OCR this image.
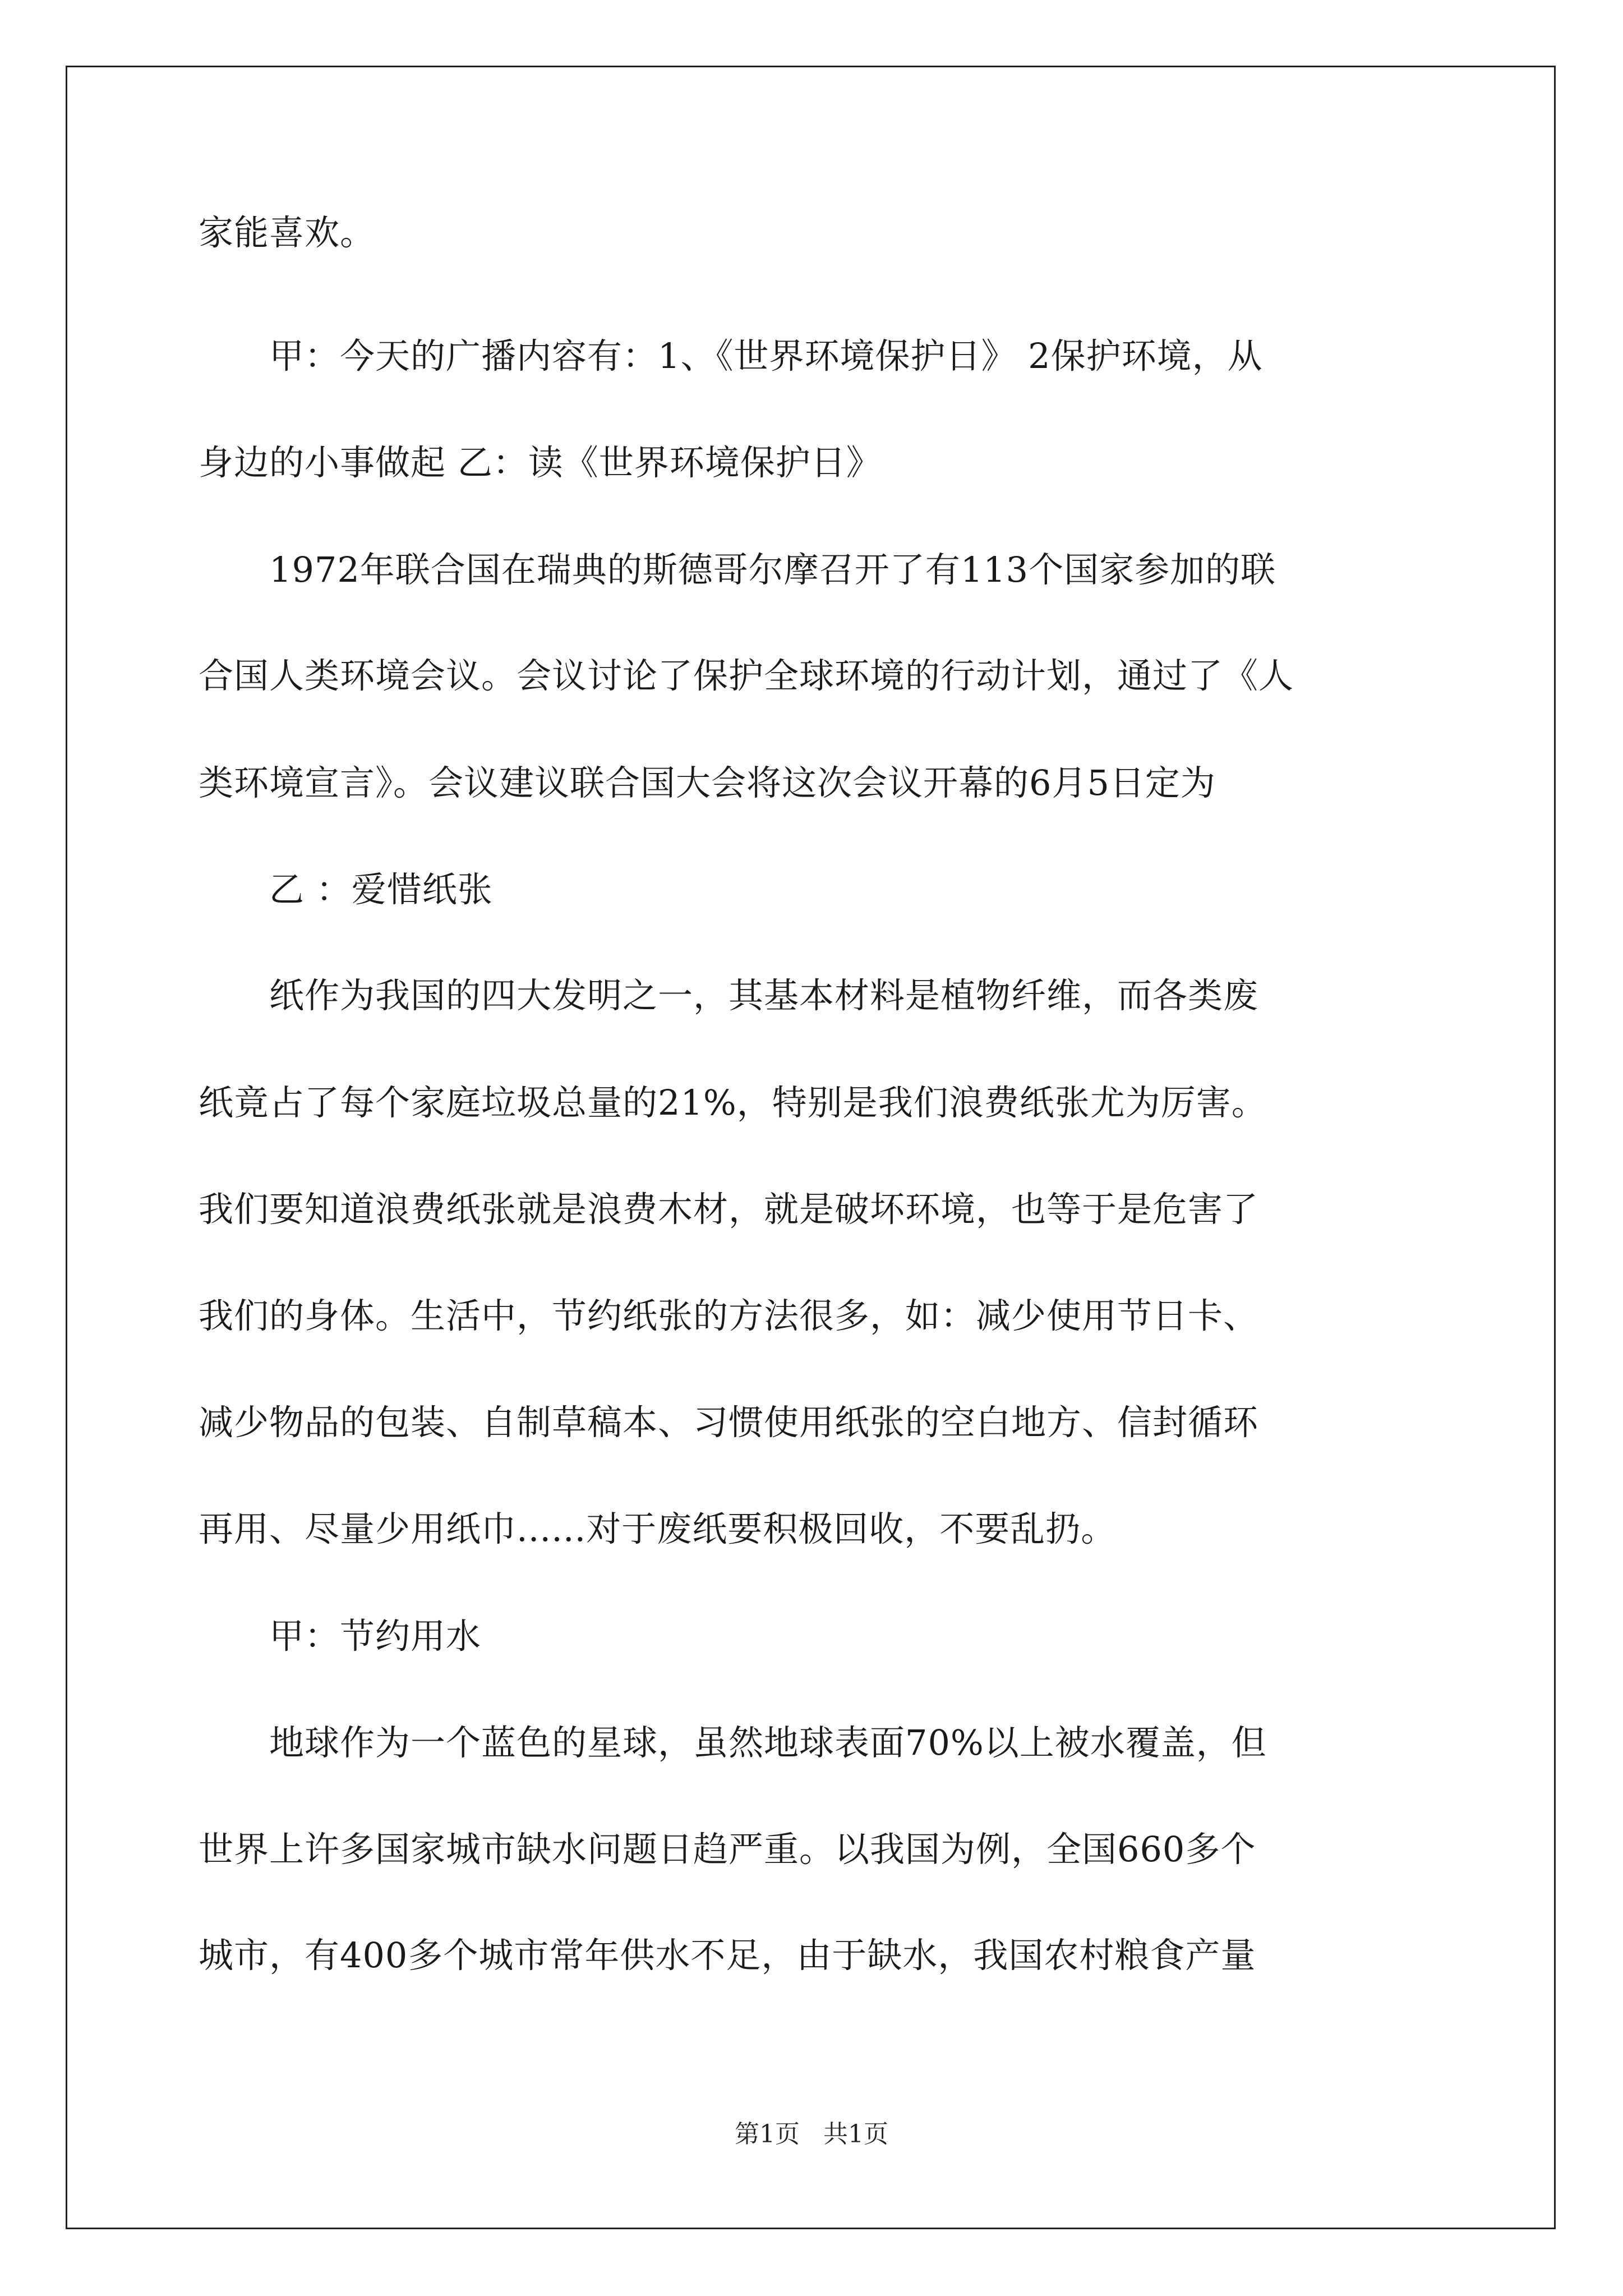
家能喜欢。
　　甲：今天的广播内容有：1、《世界环境保护日》 2保护环境，从
身边的小事做起 乙：读《世界环境保护日》
　　1972年联合国在瑞典的斯德哥尔摩召开了有113个国家参加的联
合国人类环境会议。会议讨论了保护全球环境的行动计划，通过了《人
类环境宣言》。会议建议联合国大会将这次会议开幕的6月5日定为
　　乙 ：爱惜纸张
　　纸作为我国的四大发明之一，其基本材料是植物纤维，而各类废
纸竟占了每个家庭垃圾总量的21%，特别是我们浪费纸张尤为厉害。
我们要知道浪费纸张就是浪费木材，就是破坏环境，也等于是危害了
我们的身体。生活中，节约纸张的方法很多，如：减少使用节日卡、
减少物品的包装、自制草稿本、习惯使用纸张的空白地方、信封循环
再用、尽量少用纸巾......对于废纸要积极回收，不要乱扔。
　　甲：节约用水
　　地球作为一个蓝色的星球，虽然地球表面70%以上被水覆盖，但
世界上许多国家城市缺水问题日趋严重。以我国为例，全国660多个
城市，有400多个城市常年供水不足，由于缺水，我国农村粮食产量
第1页   共1页
